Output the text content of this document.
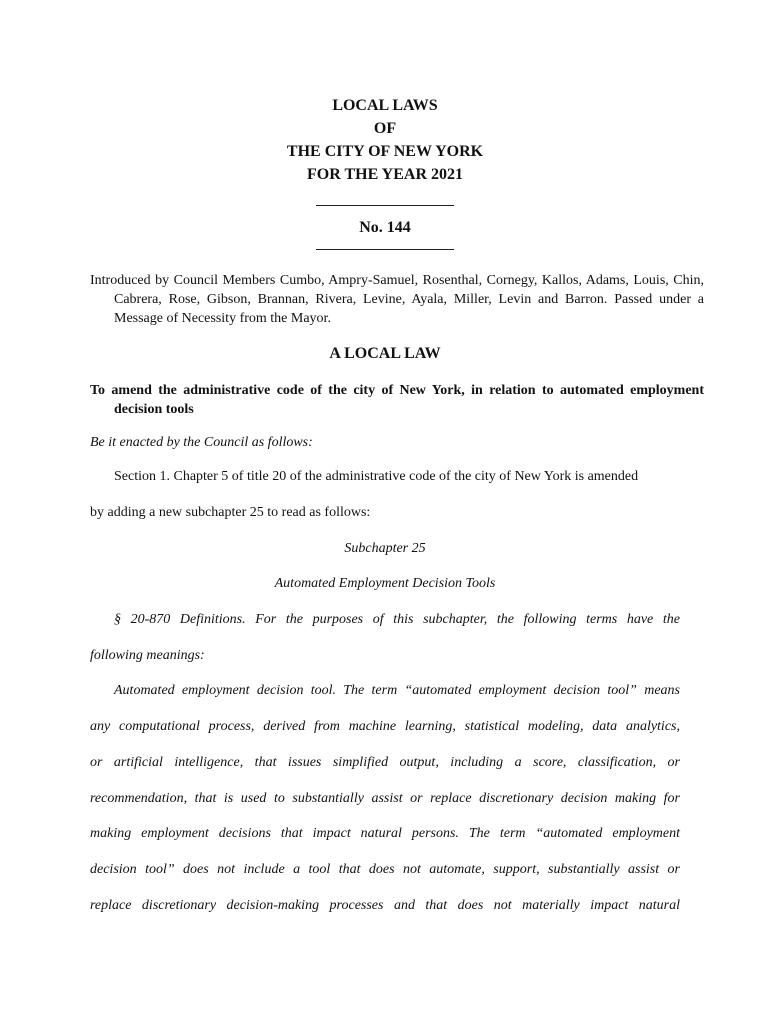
LOCAL LAWS
OF
THE CITY OF NEW YORK
FOR THE YEAR 2021
No. 144
Introduced by Council Members Cumbo, Ampry-Samuel, Rosenthal, Cornegy, Kallos, Adams, Louis, Chin, Cabrera, Rose, Gibson, Brannan, Rivera, Levine, Ayala, Miller, Levin and Barron. Passed under a Message of Necessity from the Mayor.
A LOCAL LAW
To amend the administrative code of the city of New York, in relation to automated employment decision tools
Be it enacted by the Council as follows:
Section 1. Chapter 5 of title 20 of the administrative code of the city of New York is amended
by adding a new subchapter 25 to read as follows:
Subchapter 25
Automated Employment Decision Tools
§ 20-870 Definitions. For the purposes of this subchapter, the following terms have the
following meanings:
Automated employment decision tool. The term “automated employment decision tool” means
any computational process, derived from machine learning, statistical modeling, data analytics,
or artificial intelligence, that issues simplified output, including a score, classification, or
recommendation, that is used to substantially assist or replace discretionary decision making for
making employment decisions that impact natural persons. The term “automated employment
decision tool” does not include a tool that does not automate, support, substantially assist or
replace discretionary decision-making processes and that does not materially impact natural
